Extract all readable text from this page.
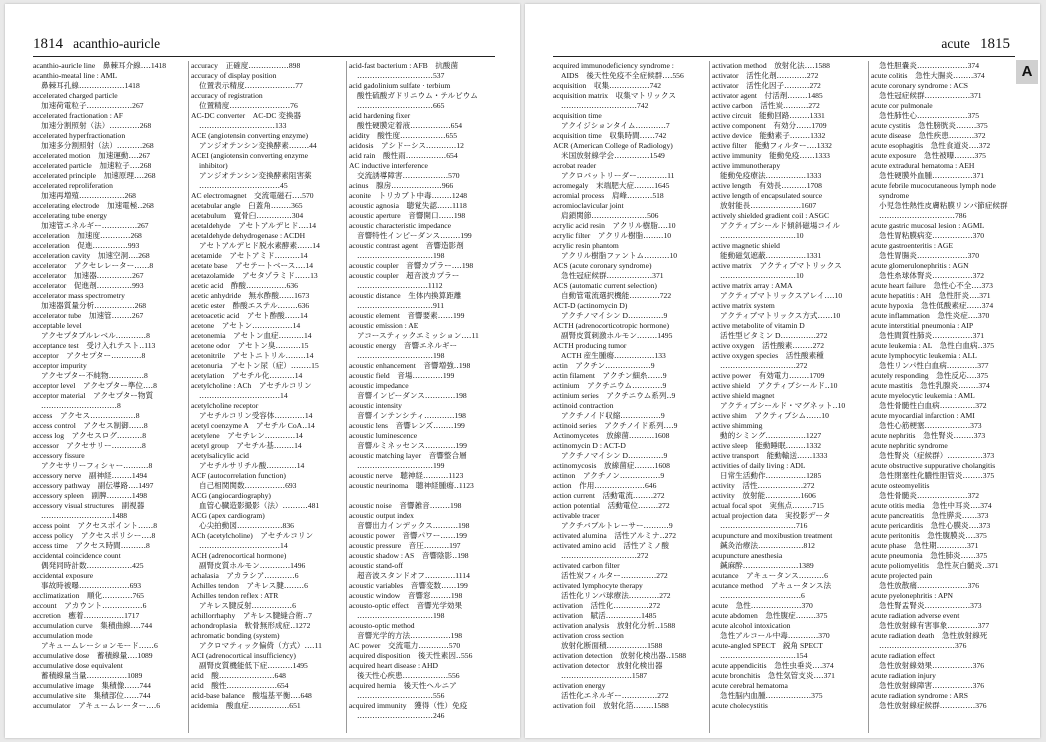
1814 acanthio-auricle
acanthio-auricle line　鼻棘耳介線‥‥1418
acanthio-meatal line : AML
鼻棘耳孔線‥‥‥‥‥‥‥‥‥1418
accelerated charged particle
加速荷電粒子‥‥‥‥‥‥‥‥‥267
accelerated fractionation : AF
加速分割照射（法）‥‥‥‥‥‥268
accelerated hyperfractionation
加速多分割照射（法）‥‥‥‥‥268
accelerated motion　加速運動‥‥267
accelerated particle　加速粒子‥‥268
accelerated principle　加速原理‥‥268
accelerated reproliferation
加速再増殖‥‥‥‥‥‥‥‥‥268
accelerating electrode　加速電極‥268
accelerating tube energy
加速管エネルギー‥‥‥‥‥‥‥267
acceleration　加速度‥‥‥‥‥‥268
acceleration　促進‥‥‥‥‥‥‥993
acceleration cavity　加速空洞‥‥268
accelerator　アクセレレーター‥‥‥8
accelerator　加速器‥‥‥‥‥‥‥267
accelerator　促進剤‥‥‥‥‥‥‥993
accelerator mass spectrometry
加速器質量分析‥‥‥‥‥‥‥‥268
accelerator tube　加速管‥‥‥‥267
acceptable level
アクセプタブルレベル‥‥‥‥‥‥8
acceptance test　受け入れテスト‥113
acceptor　アクセプター‥‥‥‥‥‥8
acceptor impurity
アクセプター不純物‥‥‥‥‥‥‥8
acceptor level　アクセプター準位‥‥8
acceptor material　アクセプター物質
‥‥‥‥‥‥‥‥‥‥‥‥‥‥‥8
access　アクセス‥‥‥‥‥‥‥‥‥8
access control　アクセス制御‥‥‥8
access log　アクセスログ‥‥‥‥‥8
accessor　アクセサリー‥‥‥‥‥‥8
accessory fissure
アクセサリーフィシャー‥‥‥‥‥8
accessory nerve　副神経‥‥‥‥1494
accessory pathway　副伝導路‥‥1497
accessory spleen　副脾‥‥‥‥‥1498
accessory visual structures　副視器
‥‥‥‥‥‥‥‥‥‥‥‥‥‥1488
access point　アクセスポイント‥‥‥8
access policy　アクセスポリシー‥‥8
access time　アクセス時間‥‥‥‥‥8
accidental coincidence count
偶発同時計数‥‥‥‥‥‥‥‥‥425
accidental exposure
事故時被曝‥‥‥‥‥‥‥‥‥‥693
acclimatization　順化‥‥‥‥‥‥765
account　アカウント‥‥‥‥‥‥‥‥6
accretion　癒着‥‥‥‥‥‥‥‥1717
accumulation curve　集積曲線‥‥744
accumulation mode
アキュームレーションモード‥‥‥6
accumulative dose　蓄積線量‥‥1089
accumulative dose equivalent
蓄積線量当量‥‥‥‥‥‥‥‥1089
accumulative image　集積像‥‥‥744
accumulative site　集積部位‥‥‥744
accumulator　アキュームレーター‥‥6
accuracy　正確度‥‥‥‥‥‥‥‥898
accuracy of display position
位置表示精度‥‥‥‥‥‥‥‥‥‥77
accuracy of registration
位置精度‥‥‥‥‥‥‥‥‥‥‥‥76
AC-DC converter　AC-DC 変換器
‥‥‥‥‥‥‥‥‥‥‥‥‥‥‥133
ACE (angiotensin converting enzyme)
アンジオテンシン変換酵素‥‥‥‥44
ACEI (angiotensin converting enzyme
inhibitor)
アンジオテンシン変換酵素阻害薬
‥‥‥‥‥‥‥‥‥‥‥‥‥‥‥‥45
AC electromagnet　交流電磁石‥‥570
acetabular angle　臼蓋角‥‥‥‥365
acetabulum　寛骨臼‥‥‥‥‥‥‥304
acetaldehyde　アセトアルデヒド‥‥14
acetaldehyde dehydrogenase : ACDH
アセトアルデヒド脱水素酵素‥‥‥14
acetamide　アセトアミド‥‥‥‥‥14
acetate base　アセテートベース‥‥14
acetazolamide　アセタゾラミド‥‥‥13
acetic acid　酢酸‥‥‥‥‥‥‥‥636
acetic anhydride　無水酢酸‥‥‥1673
acetic ester　酢酸エステル‥‥‥‥636
acetoacetic acid　アセト酢酸‥‥‥14
acetone　アセトン‥‥‥‥‥‥‥‥14
acetonemia　アセトン血症‥‥‥‥‥14
acetone odor　アセトン臭‥‥‥‥‥15
acetonitrile　アセトニトリル‥‥‥‥14
acetonuria　アセトン尿（症）‥‥‥‥15
acetylation　アセチル化‥‥‥‥‥14
acetylcholine : ACh　アセチルコリン
‥‥‥‥‥‥‥‥‥‥‥‥‥‥‥‥14
acetylcholine receptor
アセチルコリン受容体‥‥‥‥‥‥14
acetyl coenzyme A　アセチル CoA‥14
acetylene　アセチレン‥‥‥‥‥‥14
acetyl group　アセチル基‥‥‥‥14
acetylsalicylic acid
アセチルサリチル酸‥‥‥‥‥‥14
ACF (autocorrelation function)
自己相関関数‥‥‥‥‥‥‥‥693
ACG (angiocardiography)
血管心臓造影撮影（法）‥‥‥‥‥481
ACG (apex cardiogram)
心尖拍動図‥‥‥‥‥‥‥‥‥836
ACh (acetylcholine)　アセチルコリン
‥‥‥‥‥‥‥‥‥‥‥‥‥‥‥‥14
ACH (adrenocortical hormone)
副腎皮質ホルモン‥‥‥‥‥‥1496
achalasia　アカラシア‥‥‥‥‥‥6
Achilles tendon　アキレス腱‥‥‥‥6
Achilles tendon reflex : ATR
アキレス腱反射‥‥‥‥‥‥‥‥6
achillorrhaphy　アキレス腱縫合術‥7
achondroplasia　軟骨無形成症‥1272
achromatic bonding (system)
アクロマティック偏倚（方式）‥‥11
ACI (adrenocortical insufficiency)
副腎皮質機能低下症‥‥‥‥‥1495
acid　酸‥‥‥‥‥‥‥‥‥‥‥648
acid　酸性‥‥‥‥‥‥‥‥‥‥654
acid-base balance　酸塩基平衡‥‥648
acidemia　酸血症‥‥‥‥‥‥‥‥651
acid-fast bacterium : AFB　抗酸菌
‥‥‥‥‥‥‥‥‥‥‥‥‥‥‥537
acid gadolinium sulfate · terbium
酸性硫酸ガドリニウム・テルビウム
‥‥‥‥‥‥‥‥‥‥‥‥‥‥‥665
acid hardening fixer
酸性硬膜定着液‥‥‥‥‥‥‥‥654
acidity　酸性度‥‥‥‥‥‥‥‥‥655
acidosis　アシドーシス‥‥‥‥‥‥12
acid rain　酸性雨‥‥‥‥‥‥‥‥654
AC inductive interference
交流誘導障害‥‥‥‥‥‥‥‥‥570
acinus　腺房‥‥‥‥‥‥‥‥‥‥966
aconite　トリカブト中毒‥‥‥‥1248
acoustic agnosia　聴覚失認‥‥‥1118
acoustic aperture　音響開口‥‥‥198
acoustic characteristic impedance
音響特性インピーダンス‥‥‥‥199
acoustic contrast agent　音響造影剤
‥‥‥‥‥‥‥‥‥‥‥‥‥‥‥198
acoustic coupler　音響カプラー‥‥198
acoustic coupler　超音波カプラー
‥‥‥‥‥‥‥‥‥‥‥‥‥‥1112
acoustic distance　生体内換算距離
‥‥‥‥‥‥‥‥‥‥‥‥‥‥‥911
acoustic element　音響要素‥‥‥199
acoustic emission : AE
アコースティックエミッション‥‥11
acoustic energy　音響エネルギー
‥‥‥‥‥‥‥‥‥‥‥‥‥‥‥198
acoustic enhancement　音響増強‥198
acoustic field　音場‥‥‥‥‥‥199
acoustic impedance
音響インピーダンス‥‥‥‥‥‥198
acoustic intensity
音響インテンシティ‥‥‥‥‥‥198
acoustic lens　音響レンズ‥‥‥‥199
acoustic luminescence
音響ルミネッセンス‥‥‥‥‥‥199
acoustic matching layer　音響整合層
‥‥‥‥‥‥‥‥‥‥‥‥‥‥‥199
acoustic nerve　聴神経‥‥‥‥‥1123
acoustic neurinoma　聴神経腫瘍‥1123

acoustic noise　音響雑音‥‥‥‥198
acoustic output index
音響出力インデックス‥‥‥‥‥198
acoustic power　音響パワー‥‥‥199
acoustic pressure　音圧‥‥‥‥‥197
acoustic shadow : AS　音響陰影‥198
acoustic stand-off
超音波スタンドオフ‥‥‥‥‥‥1114
acoustic variables　音響変数‥‥‥199
acoustic window　音響窓‥‥‥‥198
acousto-optic effect　音響光学効果
‥‥‥‥‥‥‥‥‥‥‥‥‥‥‥198
acousto-optic method
音響光学的方法‥‥‥‥‥‥‥‥198
AC power　交流電力‥‥‥‥‥‥570
acquired disposition　後天性素因‥556
acquired heart disease : AHD
後天性心疾患‥‥‥‥‥‥‥‥‥556
acquired hernia　後天性ヘルニア
‥‥‥‥‥‥‥‥‥‥‥‥‥‥‥556
acquired immunity　獲得（性）免疫
‥‥‥‥‥‥‥‥‥‥‥‥‥‥‥246
acute 1815
acquired immunodeficiency syndrome :
AIDS　後天性免疫不全症候群‥‥556
acquisition　収集‥‥‥‥‥‥‥‥742
acquisition matrix　収集マトリックス
‥‥‥‥‥‥‥‥‥‥‥‥‥‥‥742
acquisition time
アクイジションタイム‥‥‥‥‥‥7
acquisition time　収集時間‥‥‥742
ACR (American College of Radiology)
米国放射線学会‥‥‥‥‥‥‥1549
acrobat reader
アクロバットリーダー‥‥‥‥‥‥11
acromegaly　末端肥大症‥‥‥‥1645
acromial process　肩峰‥‥‥‥‥518
acromioclavicular joint
肩鎖関節‥‥‥‥‥‥‥‥‥‥‥506
acrylic acid resin　アクリル樹脂‥‥10
acrylic filter　アクリル樹脂‥‥‥‥10
acrylic resin phantom
アクリル樹脂ファントム‥‥‥‥‥10
ACS (acute coronary syndrome)
急性冠症候群‥‥‥‥‥‥‥‥‥371
ACS (automatic current selection)
自動管電流選択機能‥‥‥‥‥‥722
ACT-D (actinomycin D)
アクチノマイシン D‥‥‥‥‥‥‥9
ACTH (adrenocorticotropic hormone)
副腎皮質刺激ホルモン‥‥‥‥1495
ACTH producing tumor
ACTH 産生腫瘍‥‥‥‥‥‥‥‥133
actin　アクチン‥‥‥‥‥‥‥‥‥9
actin filament　アクチン細糸‥‥‥9
actinium　アクチニウム‥‥‥‥‥‥9
actinium series　アクチニウム系列‥9
actinoid contraction
アクチノイド収縮‥‥‥‥‥‥‥‥9
actinoid series　アクチノイド系列‥‥9
Actinomycetes　放線菌‥‥‥‥‥1608
actinomycin D : ACT-D
アクチノマイシン D‥‥‥‥‥‥‥9
actinomycosis　放線菌症‥‥‥‥1608
actinon　アクチノン‥‥‥‥‥‥‥‥9
action　作用‥‥‥‥‥‥‥‥‥‥646
action current　活動電流‥‥‥‥272
action potential　活動電位‥‥‥‥272
activable tracer
アクチバブルトレーサー‥‥‥‥‥9
activated alumina　活性アルミナ‥272
activated amino acid　活性アミノ酸
‥‥‥‥‥‥‥‥‥‥‥‥‥‥‥272
activated carbon filter
活性炭フィルター‥‥‥‥‥‥‥272
activated lymphocyte therapy
活性化リンパ球療法‥‥‥‥‥‥272
activation　活性化‥‥‥‥‥‥‥272
activation　賦活‥‥‥‥‥‥‥1485
activation analysis　放射化分析‥1588
activation cross section
放射化断面積‥‥‥‥‥‥‥‥1588
activation detection　放射化検出器‥1588
activation detector　放射化検出器
‥‥‥‥‥‥‥‥‥‥‥‥‥‥1587
activation energy
活性化エネルギー‥‥‥‥‥‥‥272
activation foil　放射化箔‥‥‥‥1588
activation method　放射化法‥‥1588
activator　活性化剤‥‥‥‥‥‥272
activator　活性化因子‥‥‥‥‥272
activator agent　付活剤‥‥‥‥1485
active carbon　活性炭‥‥‥‥‥272
active circuit　能動回路‥‥‥‥1331
active component　有効分‥‥‥1709
active device　能動素子‥‥‥‥1332
active filter　能動フィルター‥‥1332
active immunity　能動免疫‥‥‥1333
active immunotherapy
能動免疫療法‥‥‥‥‥‥‥‥1333
active length　有効長‥‥‥‥‥1708
active length of encapsulated source
放射能長‥‥‥‥‥‥‥‥‥‥1607
actively shielded gradient coil : ASGC
アクティブシールド傾斜磁場コイル
‥‥‥‥‥‥‥‥‥‥‥‥‥‥‥10
active magnetic shield
能動磁気遮蔽‥‥‥‥‥‥‥‥1331
active matrix　アクティブマトリックス
‥‥‥‥‥‥‥‥‥‥‥‥‥‥‥10
active matrix array : AMA
アクティブマトリックスアレイ‥‥10
active matrix system
アクティブマトリックス方式‥‥‥10
active metabolite of vitamin D
活性型ビタミン D‥‥‥‥‥‥‥272
active oxygen　活性酸素‥‥‥‥272
active oxygen species　活性酸素種
‥‥‥‥‥‥‥‥‥‥‥‥‥‥‥272
active power　有効電力‥‥‥‥1709
active shield　アクティブシールド‥10
active shield magnet
アクティブシールド・マグネット‥10
active shim　アクティブシム‥‥‥10
active shimming
動的シミング‥‥‥‥‥‥‥‥1227
active sleep　能動睡眠‥‥‥‥1332
active transport　能動輸送‥‥‥1333
activities of daily living : ADL
日常生活動作‥‥‥‥‥‥‥‥1285
activity　活性‥‥‥‥‥‥‥‥‥272
activity　放射能‥‥‥‥‥‥‥1606
actual focal spot　実焦点‥‥‥‥715
actual projection data　実投影データ
‥‥‥‥‥‥‥‥‥‥‥‥‥‥‥716
acupuncture and moxibustion treatment
鍼灸治療法‥‥‥‥‥‥‥‥‥812
acupuncture anesthesia
鍼麻酔‥‥‥‥‥‥‥‥‥‥‥1389
acutance　アキュータンス‥‥‥‥‥6
acutance method　アキュータンス法
‥‥‥‥‥‥‥‥‥‥‥‥‥‥‥‥6
acute　急性‥‥‥‥‥‥‥‥‥‥370
acute abdomen　急性腹症‥‥‥‥375
acute alcohol intoxication
急性アルコール中毒‥‥‥‥‥‥370
acute-angled SPECT　鋭角 SPECT
‥‥‥‥‥‥‥‥‥‥‥‥‥‥‥154
acute appendicitis　急性虫垂炎‥‥374
acute bronchitis　急性気管支炎‥‥371
acute cerebral hematoma
急性脳内血腫‥‥‥‥‥‥‥‥‥375
acute cholecystitis
急性胆嚢炎‥‥‥‥‥‥‥‥‥‥374
acute colitis　急性大腸炎‥‥‥‥374
acute coronary syndrome : ACS
急性冠症候群‥‥‥‥‥‥‥‥‥371
acute cor pulmonale
急性肺性心‥‥‥‥‥‥‥‥‥‥375
acute cystitis　急性膀胱炎‥‥‥‥375
acute disease　急性疾患‥‥‥‥‥372
acute esophagitis　急性食道炎‥‥372
acute exposure　急性被曝‥‥‥‥375
acute extradural hematoma : AEH
急性硬膜外血腫‥‥‥‥‥‥‥‥371
acute febrile mucocutaneous lymph node
syndrome
小児急性熱性皮膚粘膜リンパ節症候群
‥‥‥‥‥‥‥‥‥‥‥‥‥‥‥786
acute gastric mucosal lesion : AGML
急性胃粘膜病変‥‥‥‥‥‥‥‥370
acute gastroenteritis : AGE
急性胃腸炎‥‥‥‥‥‥‥‥‥‥370
acute glomerulonephritis : AGN
急性糸球体腎炎‥‥‥‥‥‥‥‥372
acute heart failure　急性心不全‥‥373
acute hepatitis : AH　急性肝炎‥‥371
acute hypoxia　急性低酸素症‥‥‥374
acute inflammation　急性炎症‥‥370
acute interstitial pneumonia : AIP
急性間質性肺炎‥‥‥‥‥‥‥‥371
acute leukemia : AL　急性白血病‥375
acute lymphocytic leukemia : ALL
急性リンパ性白血病‥‥‥‥‥‥377
acutely responding　急性反応‥‥375
acute mastitis　急性乳腺炎‥‥‥‥374
acute myelocytic leukemia : AML
急性骨髄性白血病‥‥‥‥‥‥‥372
acute myocardial infarction : AMI
急性心筋梗塞‥‥‥‥‥‥‥‥‥373
acute nephritis　急性腎炎‥‥‥‥373
acute nephritic syndrome
急性腎炎（症候群）‥‥‥‥‥‥‥373
acute obstructive suppurative cholangitis
急性閉塞性化膿性胆管炎‥‥‥‥375
acute osteomyelitis
急性骨髄炎‥‥‥‥‥‥‥‥‥‥372
acute otitis media　急性中耳炎‥‥374
acute pancreatitis　急性膵炎‥‥‥373
acute pericarditis　急性心膜炎‥‥373
acute peritonitis　急性腹膜炎‥‥375
acute phase　急性期‥‥‥‥‥‥371
acute pneumonia　急性肺炎‥‥‥375
acute poliomyelitis　急性灰白髄炎‥371
acute projected pain
急性放散痛‥‥‥‥‥‥‥‥‥‥376
acute pyelonephritis : APN
急性腎盂腎炎‥‥‥‥‥‥‥‥‥373
acute radiation adverse event
急性放射線有害事象‥‥‥‥‥‥377
acute radiation death　急性放射線死
‥‥‥‥‥‥‥‥‥‥‥‥‥‥‥376
acute radiation effect
急性放射線効果‥‥‥‥‥‥‥‥376
acute radiation injury
急性放射線障害‥‥‥‥‥‥‥‥376
acute radiation syndrome : ARS
急性放射線症候群‥‥‥‥‥‥‥376
A
